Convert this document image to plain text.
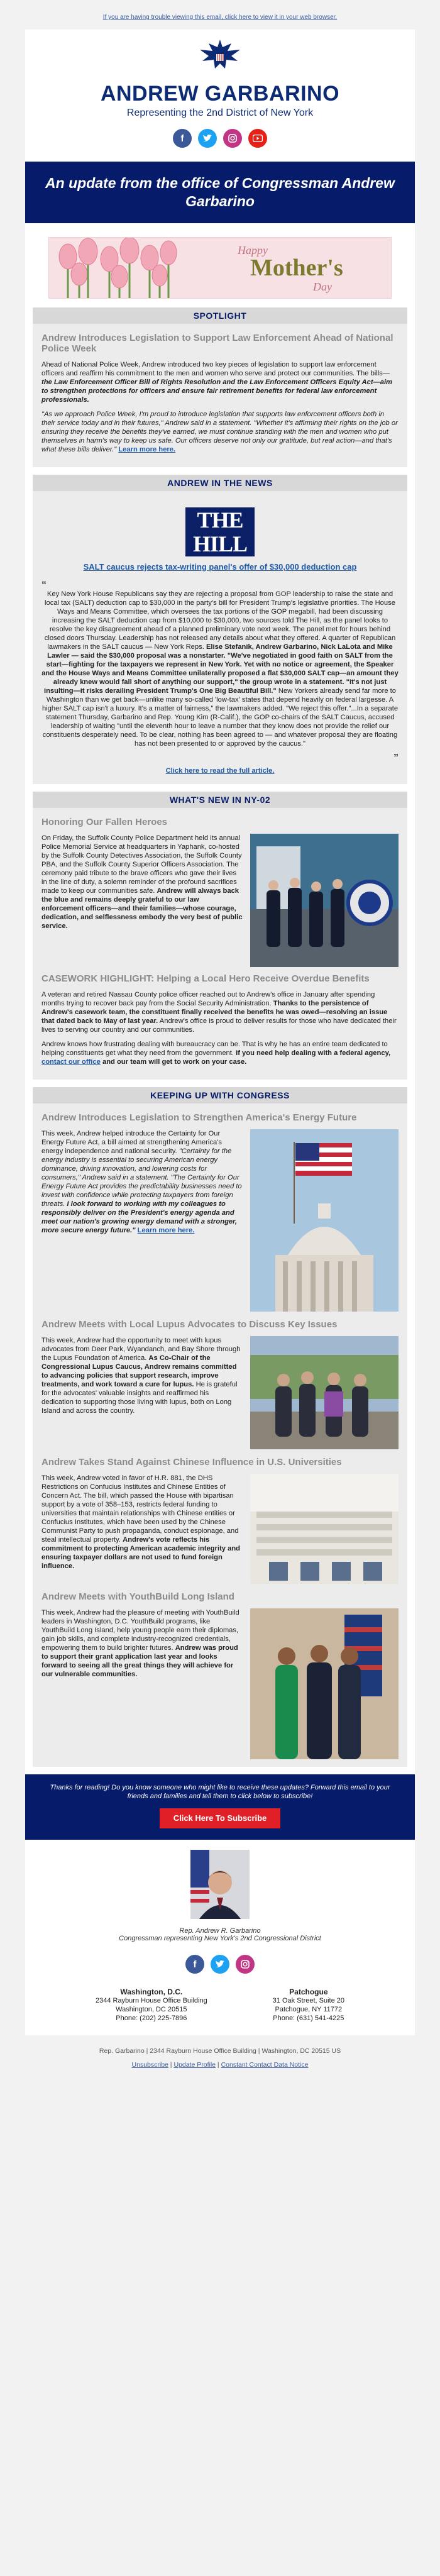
If you are having trouble viewing this email, click here to view it in your web browser.
ANDREW GARBARINO
Representing the 2nd District of New York
f
An update from the office of Congressman Andrew Garbarino
Happy
Mother's
Day
SPOTLIGHT
Andrew Introduces Legislation to Support Law Enforcement Ahead of National Police Week

Ahead of National Police Week, Andrew introduced two key pieces of legislation to support law enforcement officers and reaffirm his commitment to the men and women who serve and protect our communities. The bills—the Law Enforcement Officer Bill of Rights Resolution and the Law Enforcement Officers Equity Act—aim to strengthen protections for officers and ensure fair retirement benefits for federal law enforcement professionals.

"As we approach Police Week, I'm proud to introduce legislation that supports law enforcement officers both in their service today and in their futures," Andrew said in a statement. "Whether it's affirming their rights on the job or ensuring they receive the benefits they've earned, we must continue standing with the men and women who put themselves in harm's way to keep us safe. Our officers deserve not only our gratitude, but real action—and that's what these bills deliver." Learn more here.

ANDREW IN THE NEWS
THE
HILL
SALT caucus rejects tax-writing panel's offer of $30,000 deduction cap
“

Key New York House Republicans say they are rejecting a proposal from GOP leadership to raise the state and local tax (SALT) deduction cap to $30,000 in the party's bill for President Trump's legislative priorities. The House Ways and Means Committee, which oversees the tax portions of the GOP megabill, had been discussing increasing the SALT deduction cap from $10,000 to $30,000, two sources told The Hill, as the panel looks to resolve the key disagreement ahead of a planned preliminary vote next week. The panel met for hours behind closed doors Thursday. Leadership has not released any details about what they offered. A quarter of Republican lawmakers in the SALT caucus — New York Reps. Elise Stefanik, Andrew Garbarino, Nick LaLota and Mike Lawler — said the $30,000 proposal was a nonstarter. "We've negotiated in good faith on SALT from the start—fighting for the taxpayers we represent in New York. Yet with no notice or agreement, the Speaker and the House Ways and Means Committee unilaterally proposed a flat $30,000 SALT cap—an amount they already knew would fall short of anything our support," the group wrote in a statement. "It's not just insulting—it risks derailing President Trump's One Big Beautiful Bill." New Yorkers already send far more to Washington than we get back—unlike many so-called 'low-tax' states that depend heavily on federal largesse. A higher SALT cap isn't a luxury. It's a matter of fairness," the lawmakers added. "We reject this offer."...In a separate statement Thursday, Garbarino and Rep. Young Kim (R-Calif.), the GOP co-chairs of the SALT Caucus, accused leadership of waiting "until the eleventh hour to leave a number that they know does not provide the relief our constituents desperately need. To be clear, nothing has been agreed to — and whatever proposal they are floating has not been presented to or approved by the caucus."

”
Click here to read the full article.
WHAT'S NEW IN NY-02
Honoring Our Fallen Heroes

On Friday, the Suffolk County Police Department held its annual Police Memorial Service at headquarters in Yaphank, co-hosted by the Suffolk County Detectives Association, the Suffolk County PBA, and the Suffolk County Superior Officers Association. The ceremony paid tribute to the brave officers who gave their lives in the line of duty, a solemn reminder of the profound sacrifices made to keep our communities safe. Andrew will always back the blue and remains deeply grateful to our law enforcement officers—and their families—whose courage, dedication, and selflessness embody the very best of public service.

CASEWORK HIGHLIGHT: Helping a Local Hero Receive Overdue Benefits

A veteran and retired Nassau County police officer reached out to Andrew's office in January after spending months trying to recover back pay from the Social Security Administration. Thanks to the persistence of Andrew's casework team, the constituent finally received the benefits he was owed—resolving an issue that dated back to May of last year. Andrew's office is proud to deliver results for those who have dedicated their lives to serving our country and our communities.

Andrew knows how frustrating dealing with bureaucracy can be. That is why he has an entire team dedicated to helping constituents get what they need from the government. If you need help dealing with a federal agency, contact our office and our team will get to work on your case.

KEEPING UP WITH CONGRESS
Andrew Introduces Legislation to Strengthen America's Energy Future

This week, Andrew helped introduce the Certainty for Our Energy Future Act, a bill aimed at strengthening America's energy independence and national security. "Certainty for the energy industry is essential to securing American energy dominance, driving innovation, and lowering costs for consumers," Andrew said in a statement. "The Certainty for Our Energy Future Act provides the predictability businesses need to invest with confidence while protecting taxpayers from foreign threats. I look forward to working with my colleagues to responsibly deliver on the President's energy agenda and meet our nation's growing energy demand with a stronger, more secure energy future." Learn more here.

Andrew Meets with Local Lupus Advocates to Discuss Key Issues

This week, Andrew had the opportunity to meet with lupus advocates from Deer Park, Wyandanch, and Bay Shore through the Lupus Foundation of America. As Co-Chair of the Congressional Lupus Caucus, Andrew remains committed to advancing policies that support research, improve treatments, and work toward a cure for lupus. He is grateful for the advocates' valuable insights and reaffirmed his dedication to supporting those living with lupus, both on Long Island and across the country.

Andrew Takes Stand Against Chinese Influence in U.S. Universities

This week, Andrew voted in favor of H.R. 881, the DHS Restrictions on Confucius Institutes and Chinese Entities of Concern Act. The bill, which passed the House with bipartisan support by a vote of 358–153, restricts federal funding to universities that maintain relationships with Chinese entities or Confucius Institutes, which have been used by the Chinese Communist Party to push propaganda, conduct espionage, and steal intellectual property. Andrew's vote reflects his commitment to protecting American academic integrity and ensuring taxpayer dollars are not used to fund foreign influence.

Andrew Meets with YouthBuild Long Island

This week, Andrew had the pleasure of meeting with YouthBuild leaders in Washington, D.C. YouthBuild programs, like YouthBuild Long Island, help young people earn their diplomas, gain job skills, and complete industry-recognized credentials, empowering them to build brighter futures. Andrew was proud to support their grant application last year and looks forward to seeing all the great things they will achieve for our vulnerable communities.

Thanks for reading! Do you know someone who might like to receive these updates? Forward this email to your friends and families and tell them to click below to subscribe!
Click Here To Subscribe
Rep. Andrew R. Garbarino
Congressman representing New York's 2nd Congressional District
f
Washington, D.C.
2344 Rayburn House Office Building
Washington, DC 20515
Phone: (202) 225-7896
Patchogue
31 Oak Street, Suite 20
Patchogue, NY 11772
Phone: (631) 541-4225
Rep. Garbarino | 2344 Rayburn House Office Building | Washington, DC 20515 US
Unsubscribe | Update Profile | Constant Contact Data Notice
